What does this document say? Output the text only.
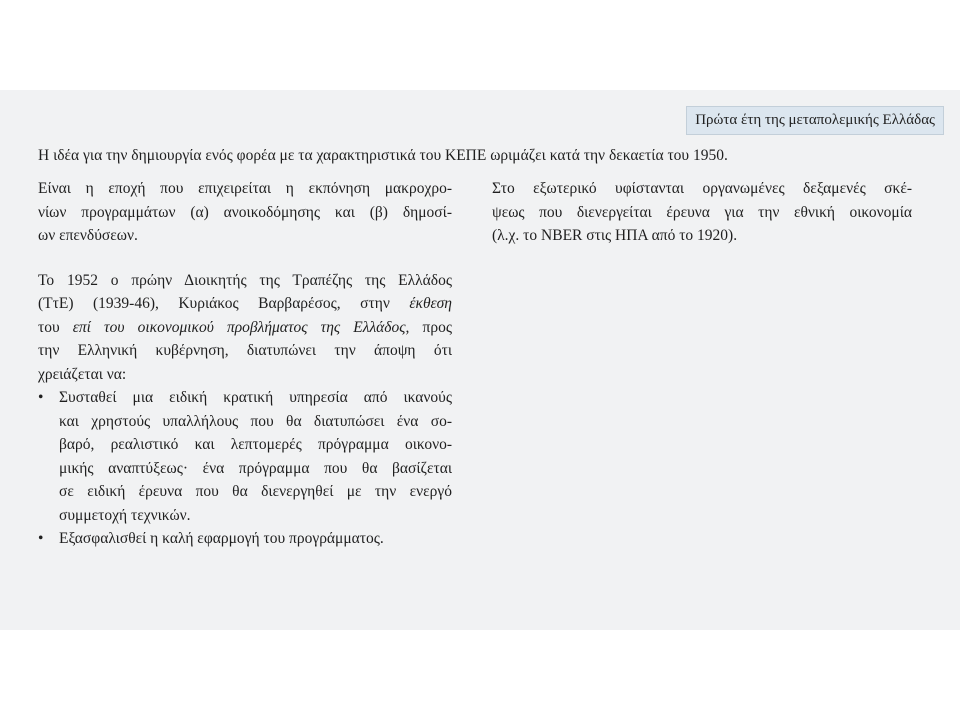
Πρώτα έτη της μεταπολεμικής Ελλάδας
Η ιδέα για την δημιουργία ενός φορέα με τα χαρακτηριστικά του ΚΕΠΕ ωριμάζει κατά την δεκαετία του 1950.
Είναι η εποχή που επιχειρείται η εκπόνηση μακροχρο-
νίων προγραμμάτων (α) ανοικοδόμησης και (β) δημοσί-
ων επενδύσεων.
Το 1952 ο πρώην Διοικητής της Τραπέζης της Ελλάδος
(ΤτΕ) (1939-46), Κυριάκος Βαρβαρέσος, στην έκθεση
του επί του οικονομικού προβλήματος της Ελλάδος, προς
την Ελληνική κυβέρνηση, διατυπώνει την άποψη ότι
χρειάζεται να:
• Συσταθεί μια ειδική κρατική υπηρεσία από ικανούς
και χρηστούς υπαλλήλους που θα διατυπώσει ένα σο-
βαρό, ρεαλιστικό και λεπτομερές πρόγραμμα οικονο-
μικής αναπτύξεως· ένα πρόγραμμα που θα βασίζεται
σε ειδική έρευνα που θα διενεργηθεί με την ενεργό
συμμετοχή τεχνικών.
• Εξασφαλισθεί η καλή εφαρμογή του προγράμματος.
Στο εξωτερικό υφίστανται οργανωμένες δεξαμενές σκέ-
ψεως που διενεργείται έρευνα για την εθνική οικονομία
(λ.χ. το NBER στις ΗΠΑ από το 1920).
